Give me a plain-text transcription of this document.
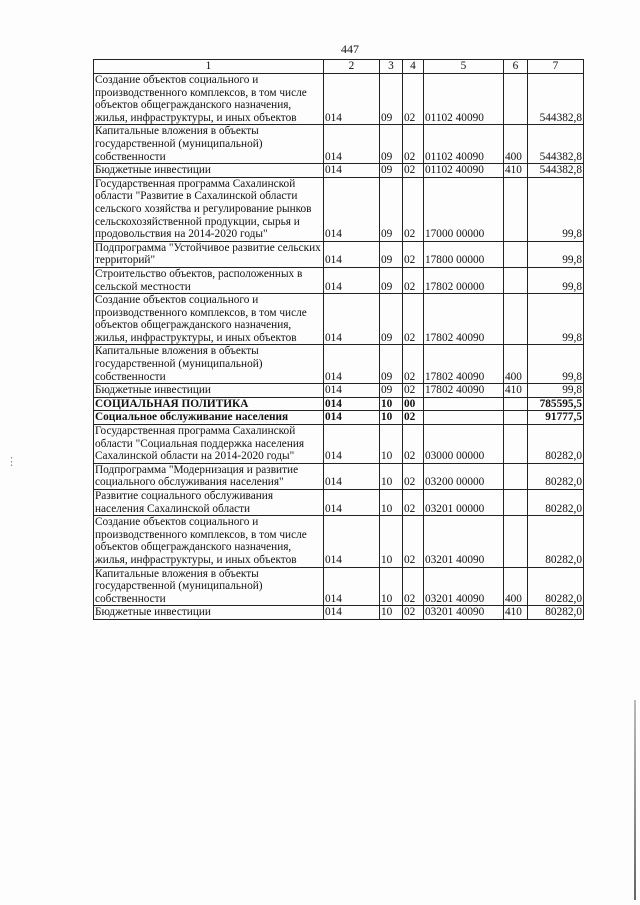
447
1	2	3	4	5	6	7
Создание объектов социального и производственного комплексов, в том числе объектов общегражданского назначения, жилья, инфраструктуры, и иных объектов	014	09	02	01102 40090		544382,8
Капитальные вложения в объекты государственной (муниципальной) собственности	014	09	02	01102 40090	400	544382,8
Бюджетные инвестиции	014	09	02	01102 40090	410	544382,8
Государственная программа Сахалинской области "Развитие в Сахалинской области сельского хозяйства и регулирование рынков сельскохозяйственной продукции, сырья и продовольствия на 2014-2020 годы"	014	09	02	17000 00000		99,8
Подпрограмма "Устойчивое развитие сельских территорий"	014	09	02	17800 00000		99,8
Строительство объектов, расположенных в сельской местности	014	09	02	17802 00000		99,8
Создание объектов социального и производственного комплексов, в том числе объектов общегражданского назначения, жилья, инфраструктуры, и иных объектов	014	09	02	17802 40090		99,8
Капитальные вложения в объекты государственной (муниципальной) собственности	014	09	02	17802 40090	400	99,8
Бюджетные инвестиции	014	09	02	17802 40090	410	99,8
СОЦИАЛЬНАЯ ПОЛИТИКА	014	10	00			785595,5
Социальное обслуживание населения	014	10	02			91777,5
Государственная программа Сахалинской области "Социальная поддержка населения Сахалинской области на 2014-2020 годы"	014	10	02	03000 00000		80282,0
Подпрограмма "Модернизация и развитие социального обслуживания населения"	014	10	02	03200 00000		80282,0
Развитие социального обслуживания населения Сахалинской области	014	10	02	03201 00000		80282,0
Создание объектов социального и производственного комплексов, в том числе объектов общегражданского назначения, жилья, инфраструктуры, и иных объектов	014	10	02	03201 40090		80282,0
Капитальные вложения в объекты государственной (муниципальной) собственности	014	10	02	03201 40090	400	80282,0
Бюджетные инвестиции	014	10	02	03201 40090	410	80282,0
⋮
